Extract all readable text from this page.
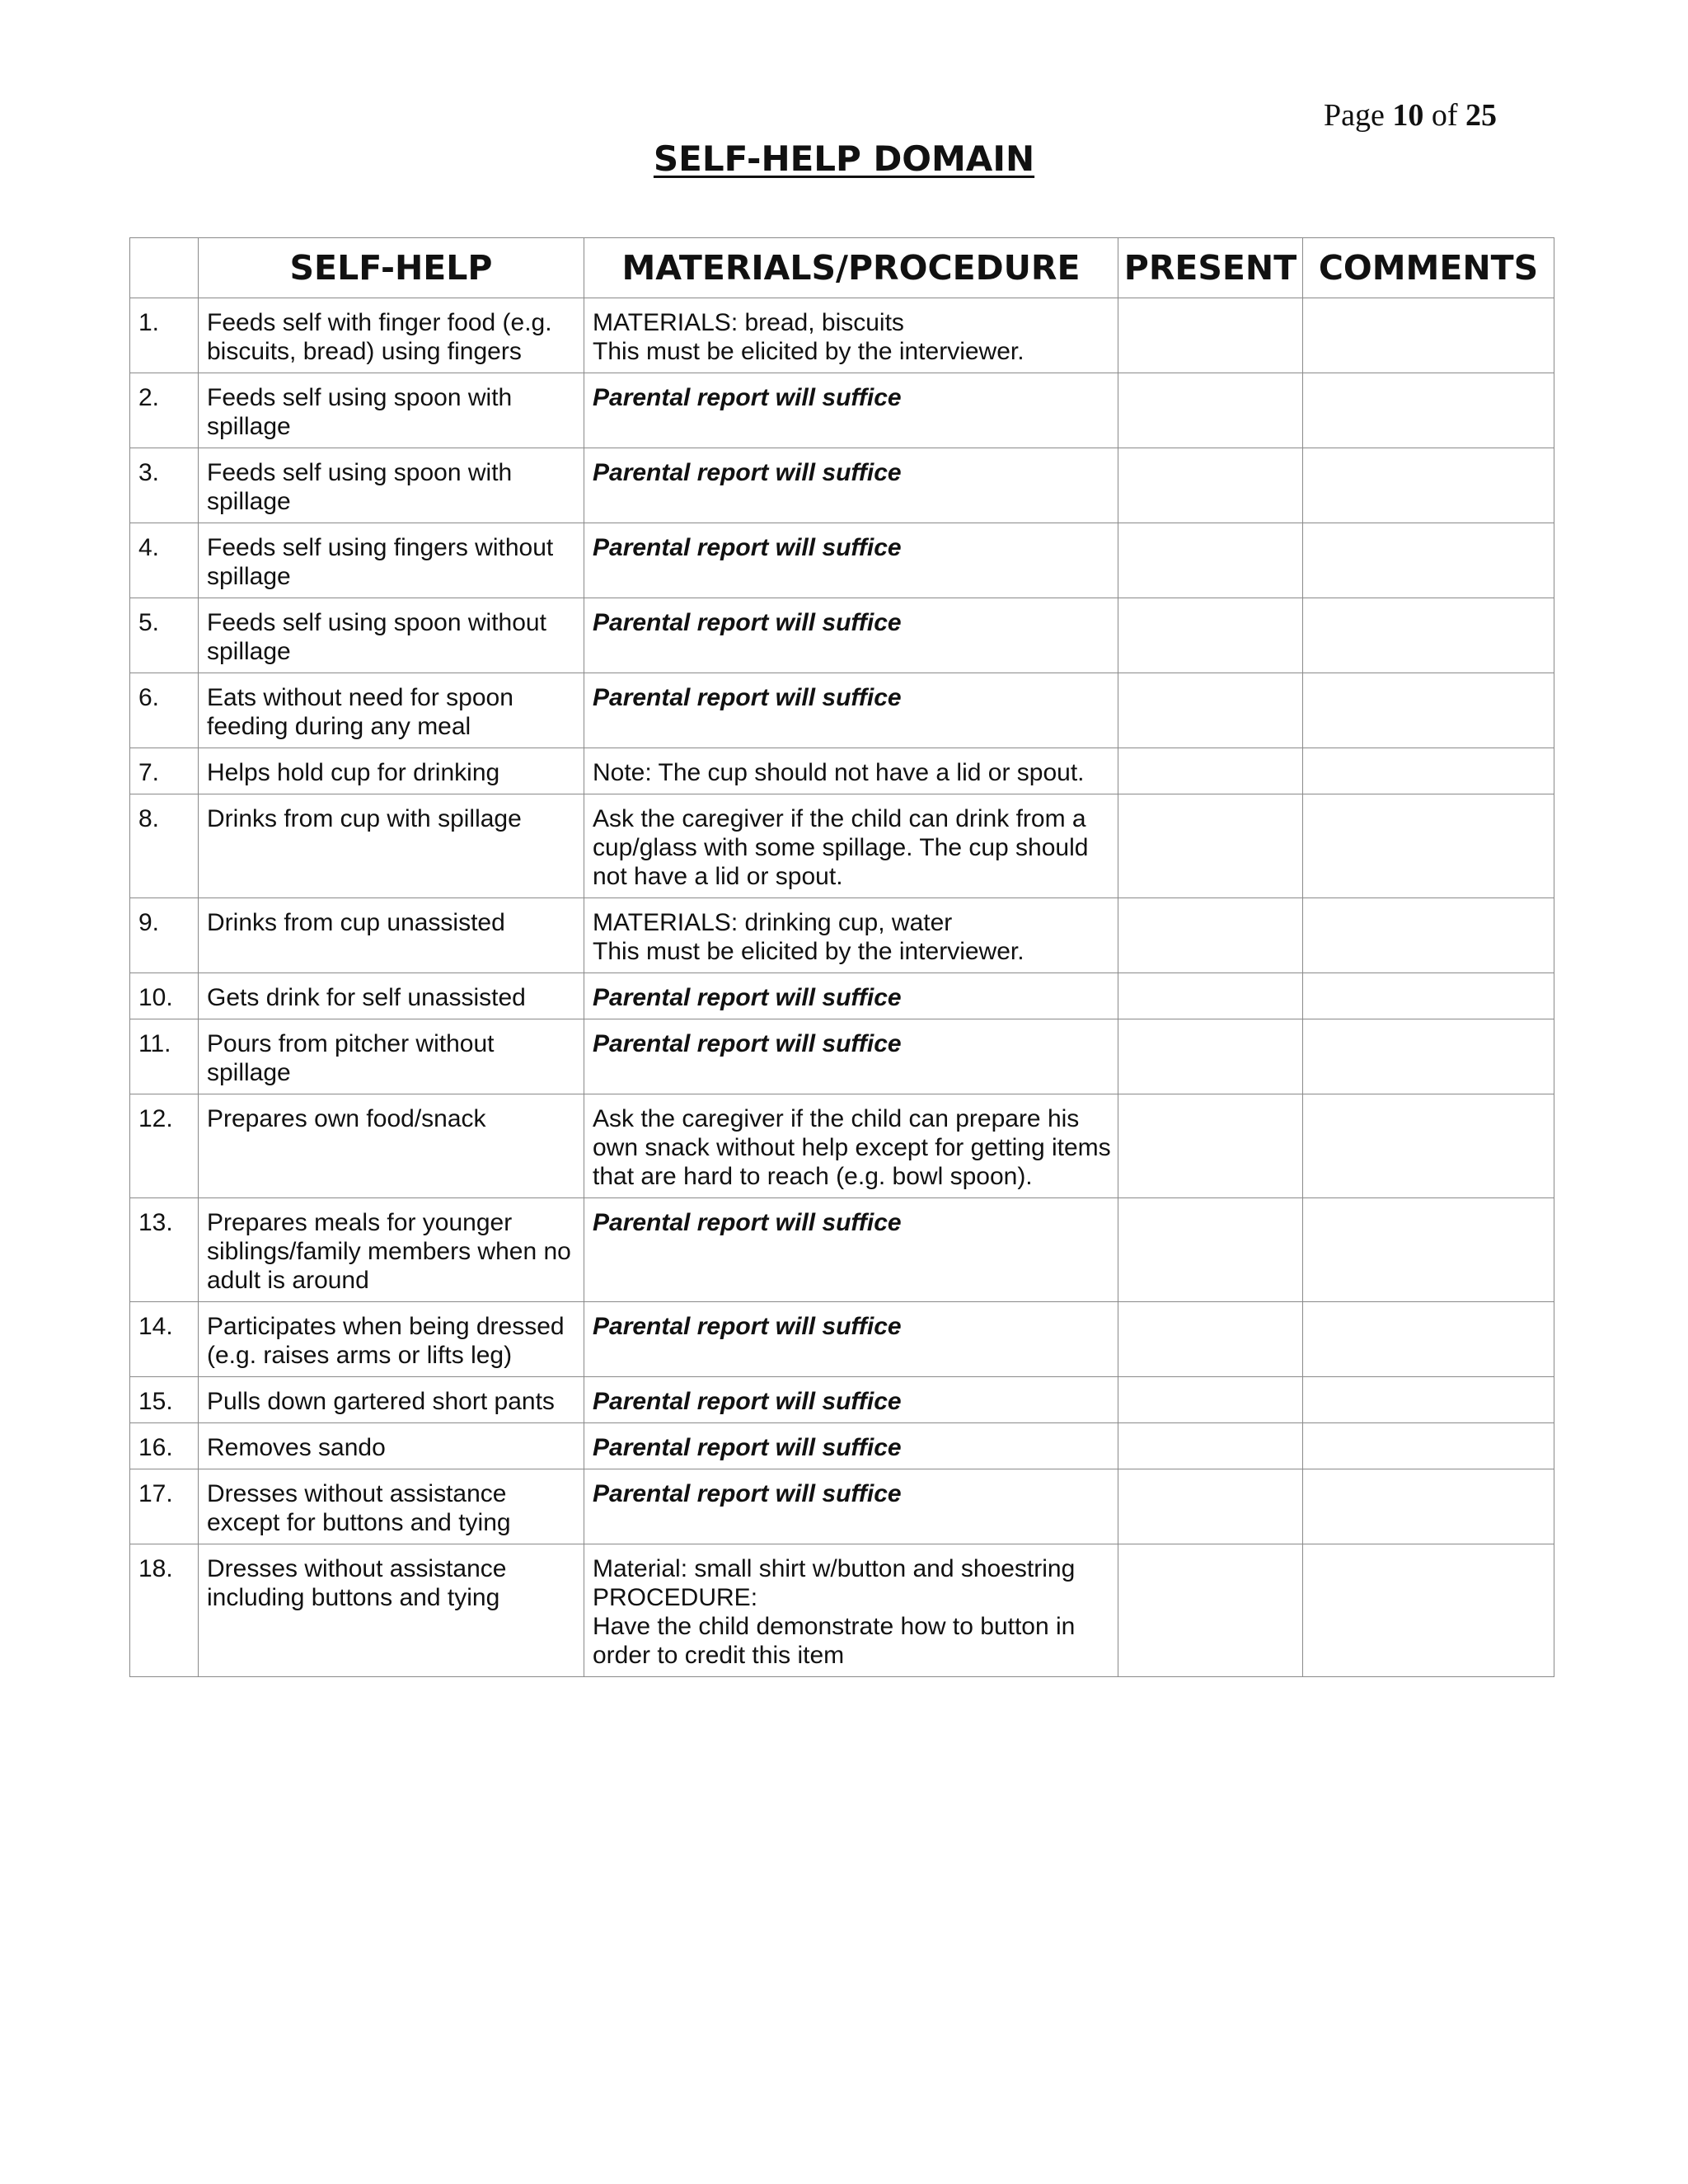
Page 10 of 25
SELF-HELP DOMAIN
	SELF-HELP	MATERIALS/PROCEDURE	PRESENT	COMMENTS
1.	Feeds self with finger food (e.g. biscuits, bread) using fingers	MATERIALS: bread, biscuits
This must be elicited by the interviewer.		

2.	Feeds self using spoon with spillage	Parental report will suffice		

3.	Feeds self using spoon with spillage	Parental report will suffice		

4.	Feeds self using fingers without spillage	Parental report will suffice		

5.	Feeds self using spoon without spillage	Parental report will suffice		

6.	Eats without need for spoon feeding during any meal	Parental report will suffice		

7.	Helps hold cup for drinking	Note: The cup should not have a lid or spout.		

8.	Drinks from cup with spillage	Ask the caregiver if the child can drink from a cup/glass with some spillage. The cup should not have a lid or spout.		

9.	Drinks from cup unassisted	MATERIALS: drinking cup, water
This must be elicited by the interviewer.		

10.	Gets drink for self unassisted	Parental report will suffice		

11.	Pours from pitcher without spillage	Parental report will suffice		

12.	Prepares own food/snack	Ask the caregiver if the child can prepare his own snack without help except for getting items that are hard to reach (e.g. bowl spoon).		

13.	Prepares meals for younger siblings/family members when no adult is around	Parental report will suffice		

14.	Participates when being dressed (e.g. raises arms or lifts leg)	Parental report will suffice		

15.	Pulls down gartered short pants	Parental report will suffice		

16.	Removes sando	Parental report will suffice		

17.	Dresses without assistance except for buttons and tying	Parental report will suffice		

18.	Dresses without assistance including buttons and tying	Material: small shirt w/button and shoestring
PROCEDURE:
Have the child demonstrate how to button in order to credit this item		
